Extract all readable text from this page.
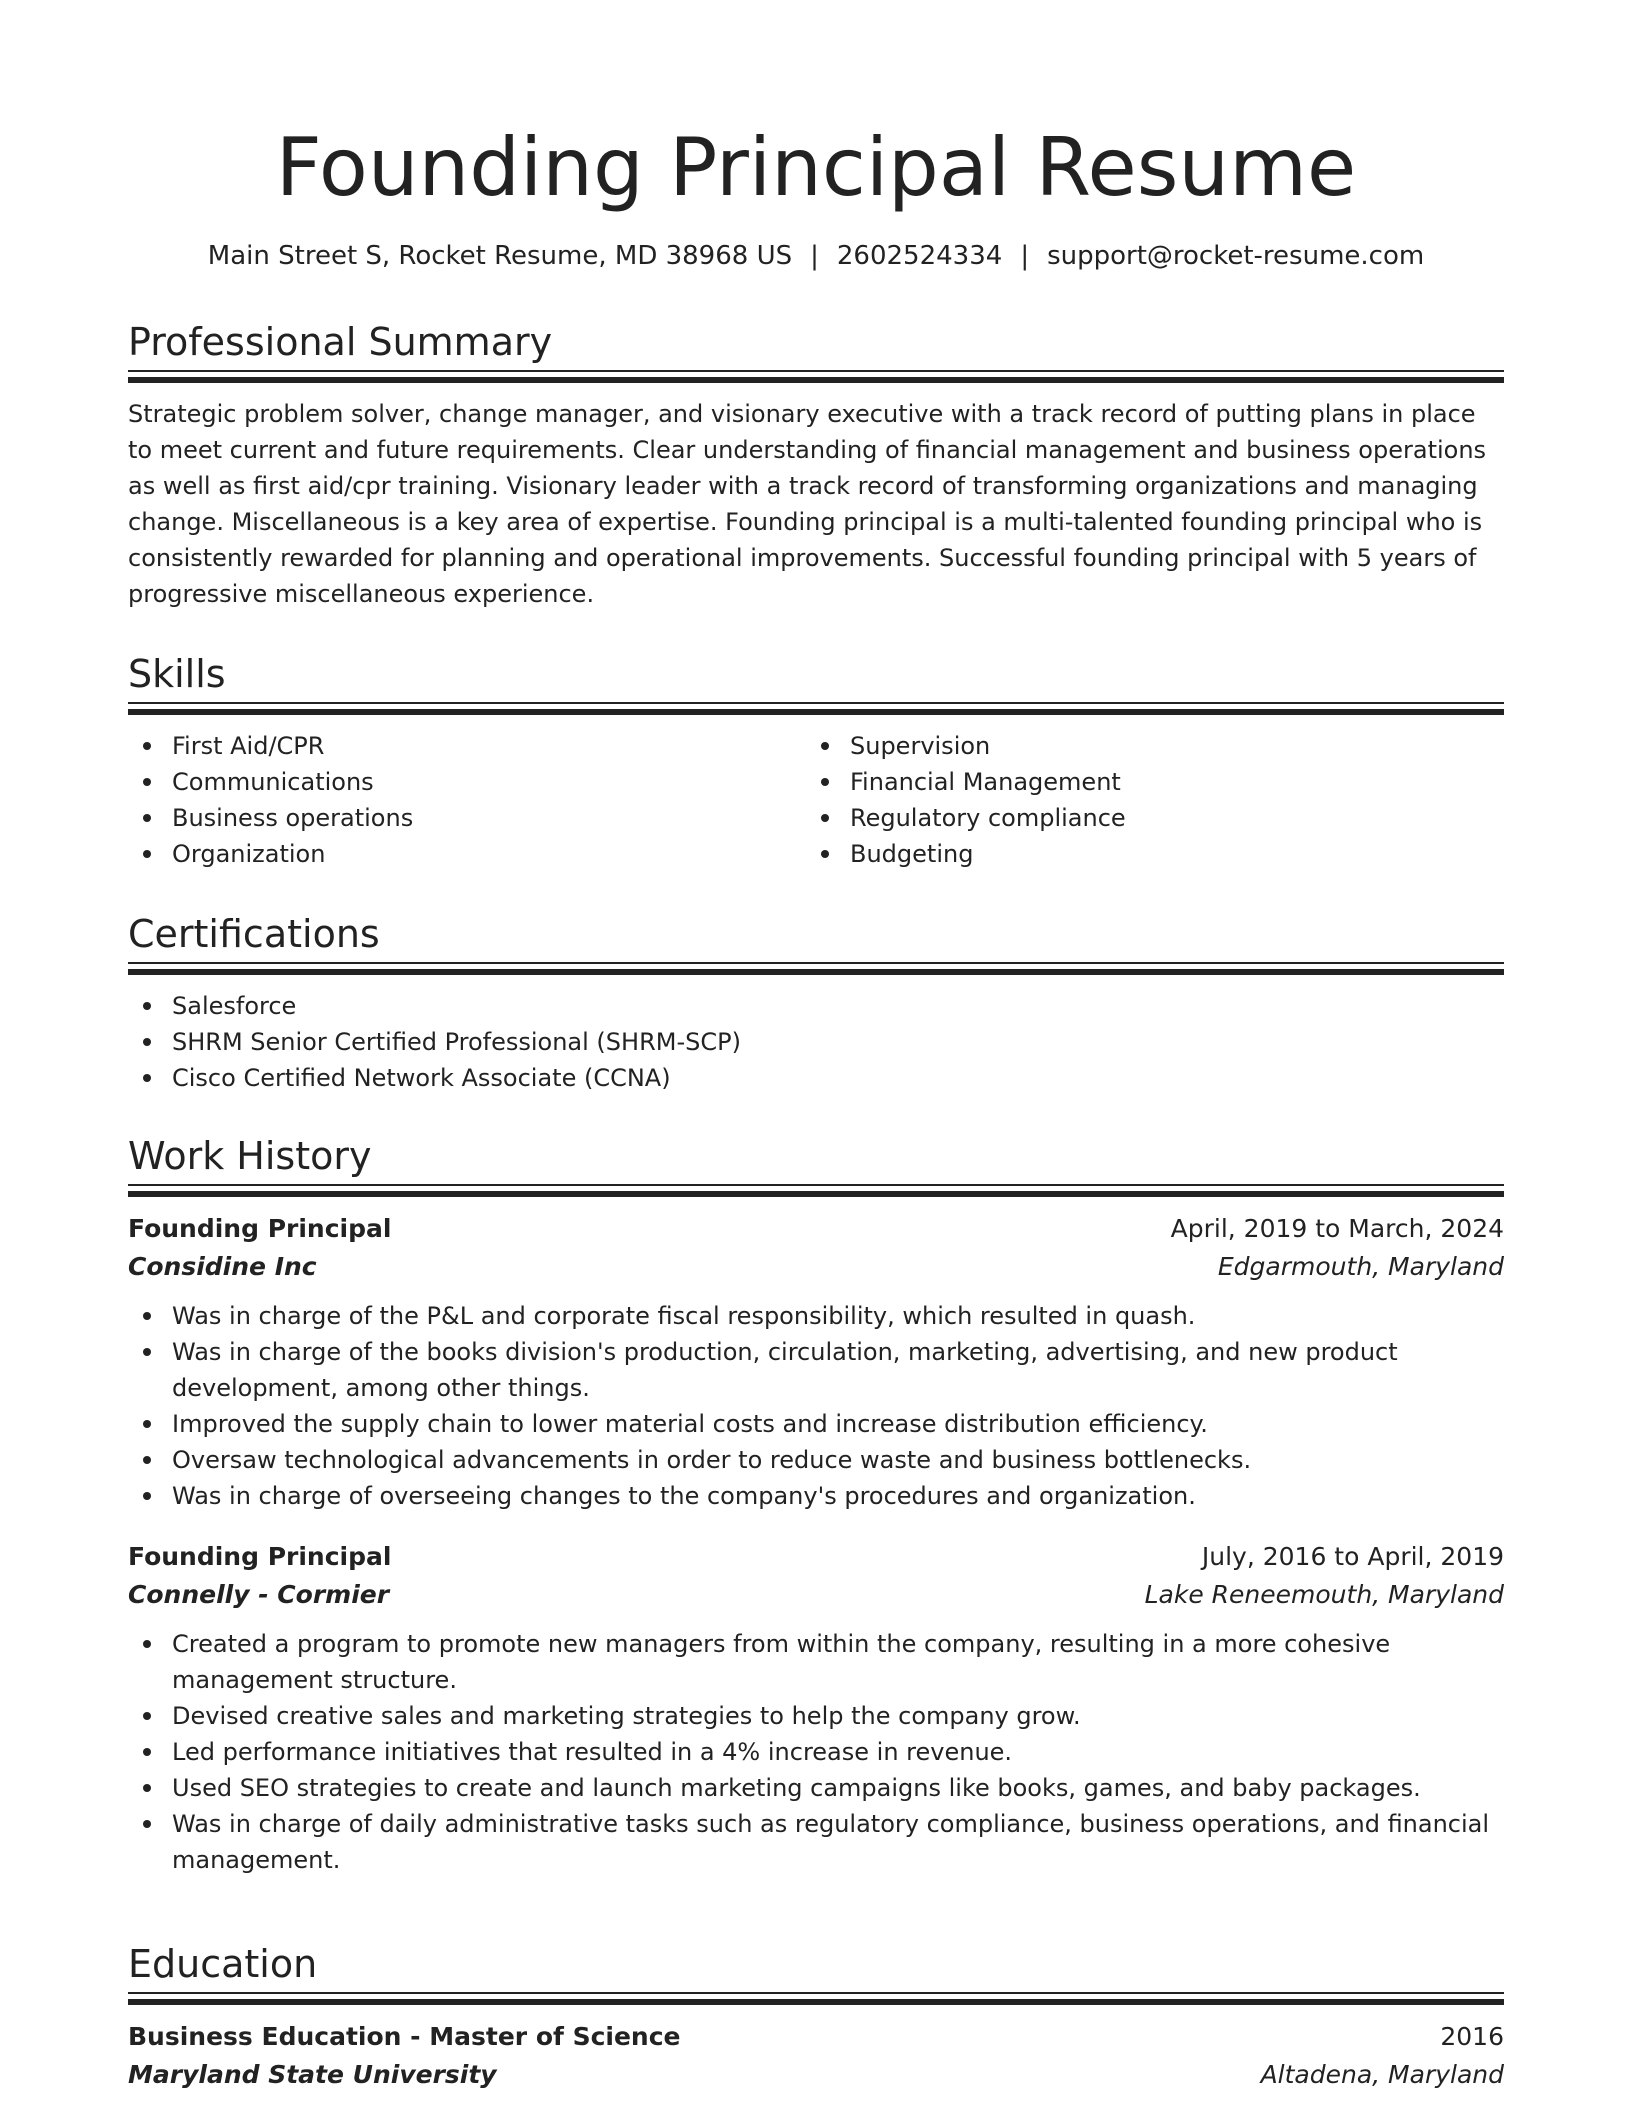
Founding Principal Resume
Main Street S, Rocket Resume, MD 38968 US | 2602524334 | support@rocket-resume.com
Professional Summary

Strategic problem solver, change manager, and visionary executive with a track record of putting plans in place to meet current and future requirements. Clear understanding of financial management and business operations as well as first aid/cpr training. Visionary leader with a track record of transforming organizations and managing change. Miscellaneous is a key area of expertise. Founding principal is a multi-talented founding principal who is consistently rewarded for planning and operational improvements. Successful founding principal with 5 years of progressive miscellaneous experience.

Skills
First Aid/CPR
Communications
Business operations
Organization
Supervision
Financial Management
Regulatory compliance
Budgeting
Certifications
Salesforce
SHRM Senior Certified Professional (SHRM-SCP)
Cisco Certified Network Associate (CCNA)
Work History
Founding Principal	April, 2019 to March, 2024
Considine Inc	Edgarmouth, Maryland
Was in charge of the P&L and corporate fiscal responsibility, which resulted in quash.
Was in charge of the books division's production, circulation, marketing, advertising, and new product development, among other things.
Improved the supply chain to lower material costs and increase distribution efficiency.
Oversaw technological advancements in order to reduce waste and business bottlenecks.
Was in charge of overseeing changes to the company's procedures and organization.
Founding Principal	July, 2016 to April, 2019
Connelly - Cormier	Lake Reneemouth, Maryland
Created a program to promote new managers from within the company, resulting in a more cohesive management structure.
Devised creative sales and marketing strategies to help the company grow.
Led performance initiatives that resulted in a 4% increase in revenue.
Used SEO strategies to create and launch marketing campaigns like books, games, and baby packages.
Was in charge of daily administrative tasks such as regulatory compliance, business operations, and financial management.
Education
Business Education - Master of Science	2016
Maryland State University	Altadena, Maryland
